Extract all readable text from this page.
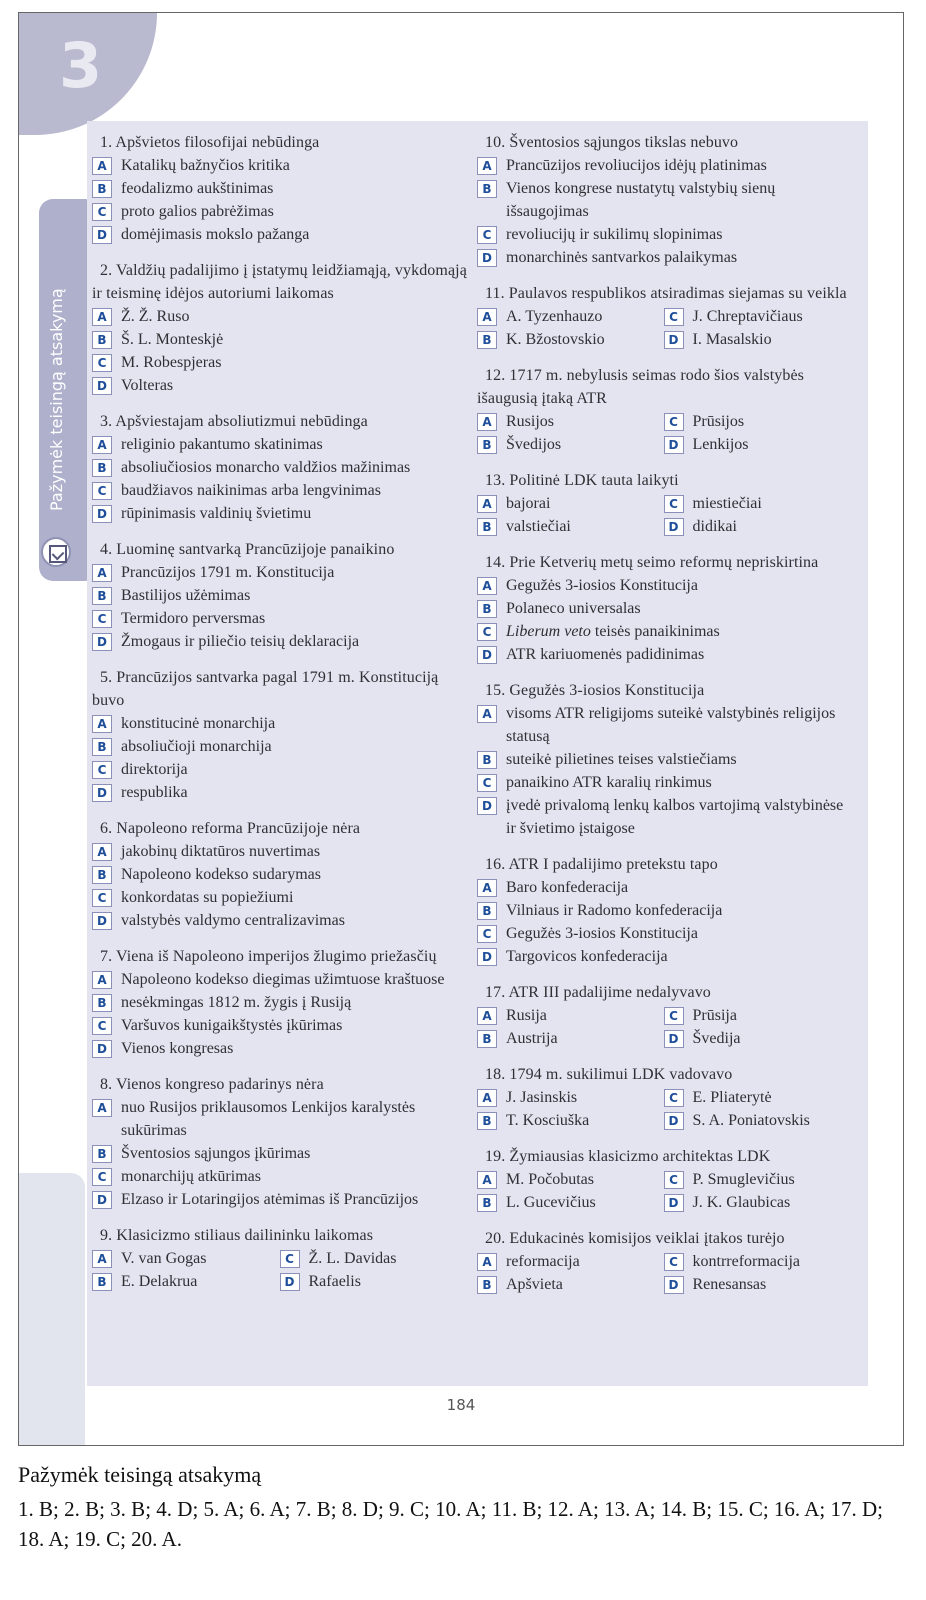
3
Pažymėk teisingą atsakymą
1. Apšvietos filosofijai nebūdinga
A Katalikų bažnyčios kritika
B feodalizmo aukštinimas
C proto galios pabrėžimas
D domėjimasis mokslo pažanga
2. Valdžių padalijimo į įstatymų leidžiamąją, vykdomąją ir teisminę idėjos autoriumi laikomas
A Ž. Ž. Ruso
B Š. L. Monteskjė
C M. Robespjeras
D Volteras
3. Apšviestajam absoliutizmui nebūdinga
A religinio pakantumo skatinimas
B absoliučiosios monarcho valdžios mažinimas
C baudžiavos naikinimas arba lengvinimas
D rūpinimasis valdinių švietimu
4. Luominę santvarką Prancūzijoje panaikino
A Prancūzijos 1791 m. Konstitucija
B Bastilijos užėmimas
C Termidoro perversmas
D Žmogaus ir piliečio teisių deklaracija
5. Prancūzijos santvarka pagal 1791 m. Konstituciją buvo
A konstitucinė monarchija
B absoliučioji monarchija
C direktorija
D respublika
6. Napoleono reforma Prancūzijoje nėra
A jakobinų diktatūros nuvertimas
B Napoleono kodekso sudarymas
C konkordatas su popiežiumi
D valstybės valdymo centralizavimas
7. Viena iš Napoleono imperijos žlugimo priežasčių
A Napoleono kodekso diegimas užimtuose kraštuose
B nesėkmingas 1812 m. žygis į Rusiją
C Varšuvos kunigaikštystės įkūrimas
D Vienos kongresas
8. Vienos kongreso padarinys nėra
A nuo Rusijos priklausomos Lenkijos karalystės sukūrimas
B Šventosios sąjungos įkūrimas
C monarchijų atkūrimas
D Elzaso ir Lotaringijos atėmimas iš Prancūzijos
9. Klasicizmo stiliaus dailininku laikomas
A V. van Gogas	C Ž. L. Davidas
B E. Delakrua	D Rafaelis
10. Šventosios sąjungos tikslas nebuvo
A Prancūzijos revoliucijos idėjų platinimas
B Vienos kongrese nustatytų valstybių sienų išsaugojimas
C revoliucijų ir sukilimų slopinimas
D monarchinės santvarkos palaikymas
11. Paulavos respublikos atsiradimas siejamas su veikla
A A. Tyzenhauzo	C J. Chreptavičiaus
B K. Bžostovskio	D I. Masalskio
12. 1717 m. nebylusis seimas rodo šios valstybės išaugusią įtaką ATR
A Rusijos	C Prūsijos
B Švedijos	D Lenkijos
13. Politinė LDK tauta laikyti
A bajorai	C miestiečiai
B valstiečiai	D didikai
14. Prie Ketverių metų seimo reformų nepriskirtina
A Gegužės 3-iosios Konstitucija
B Polaneco universalas
C Liberum veto teisės panaikinimas
D ATR kariuomenės padidinimas
15. Gegužės 3-iosios Konstitucija
A visoms ATR religijoms suteikė valstybinės religijos statusą
B suteikė pilietines teises valstiečiams
C panaikino ATR karalių rinkimus
D įvedė privalomą lenkų kalbos vartojimą valstybinėse ir švietimo įstaigose
16. ATR I padalijimo pretekstu tapo
A Baro konfederacija
B Vilniaus ir Radomo konfederacija
C Gegužės 3-iosios Konstitucija
D Targovicos konfederacija
17. ATR III padalijime nedalyvavo
A Rusija	C Prūsija
B Austrija	D Švedija
18. 1794 m. sukilimui LDK vadovavo
A J. Jasinskis	C E. Pliaterytė
B T. Kosciuška	D S. A. Poniatovskis
19. Žymiausias klasicizmo architektas LDK
A M. Počobutas	C P. Smuglevičius
B L. Gucevičius	D J. K. Glaubicas
20. Edukacinės komisijos veiklai įtakos turėjo
A reformacija	C kontrreformacija
B Apšvieta	D Renesansas
184
Pažymėk teisingą atsakymą
1. B; 2. B; 3. B; 4. D; 5. A; 6. A; 7. B; 8. D; 9. C; 10. A; 11. B; 12. A; 13. A; 14. B; 15. C; 16. A; 17. D; 18. A; 19. C; 20. A.
